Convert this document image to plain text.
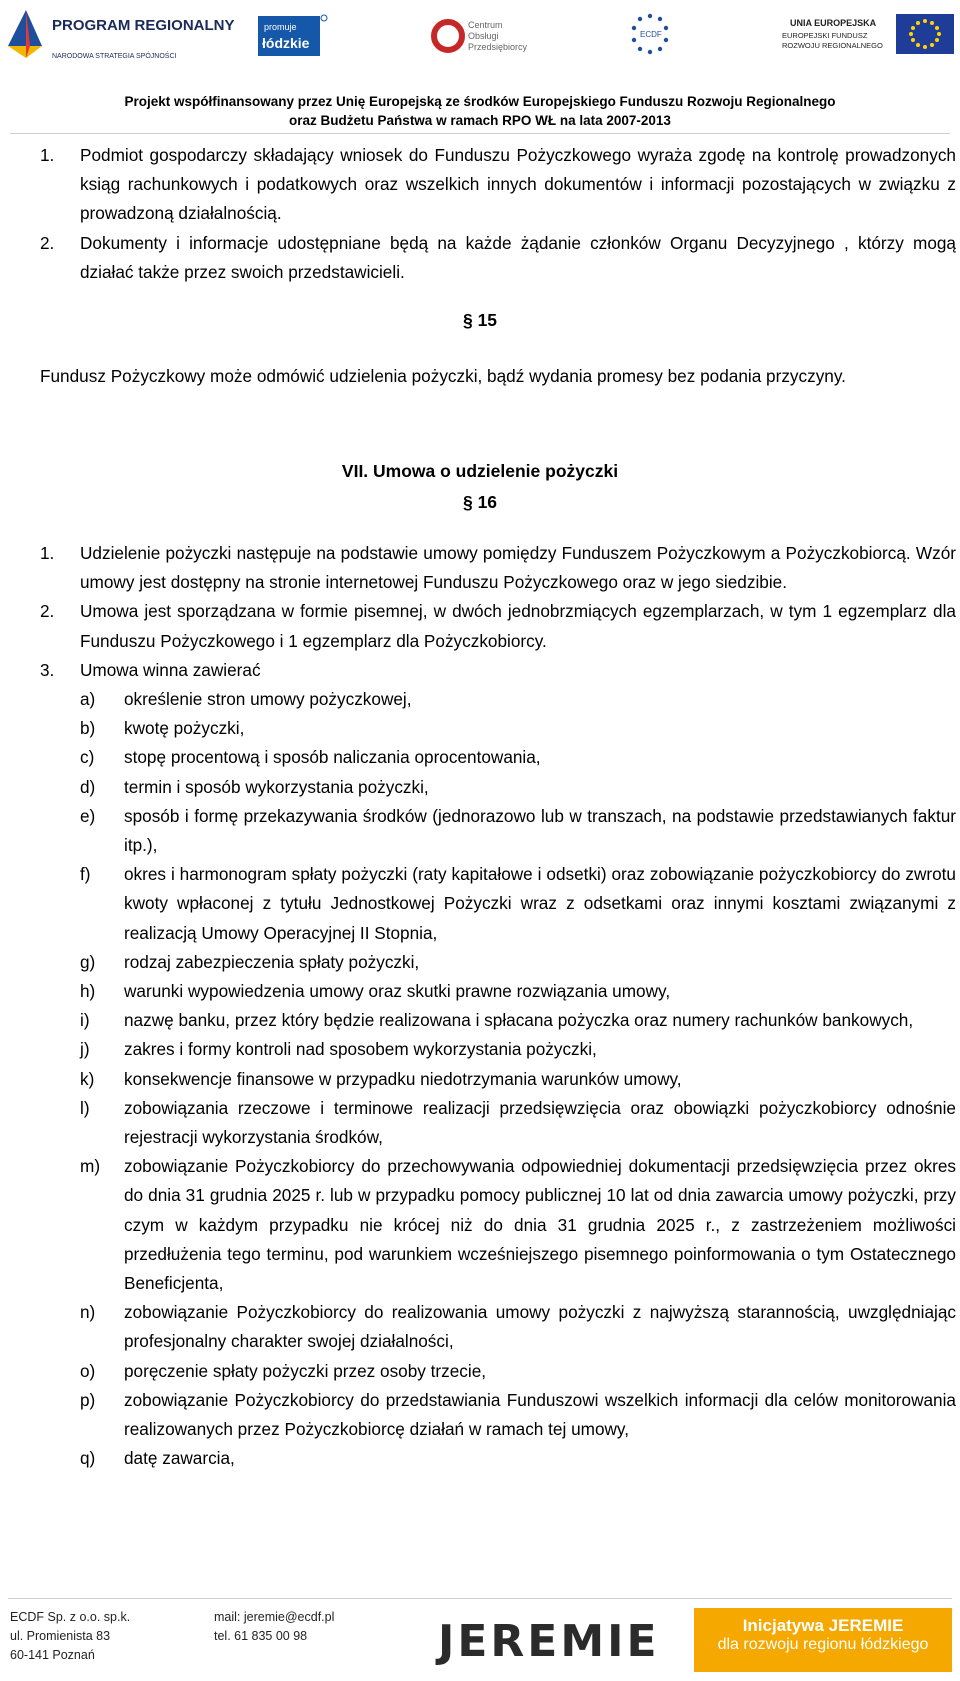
PROGRAM REGIONALNY
NARODOWA STRATEGIA SPÓJNOŚCI
promuje
łódzkie
Centrum
Obsługi
Przedsiębiorcy
ECDF
UNIA EUROPEJSKA
EUROPEJSKI FUNDUSZ
ROZWOJU REGIONALNEGO
Projekt współfinansowany przez Unię Europejską ze środków Europejskiego Funduszu Rozwoju Regionalnego
oraz Budżetu Państwa w ramach RPO WŁ na lata 2007-2013
1. Podmiot gospodarczy składający wniosek do Funduszu Pożyczkowego wyraża zgodę na kontrolę prowadzonych ksiąg rachunkowych i podatkowych oraz wszelkich innych dokumentów i informacji pozostających w związku z prowadzoną działalnością.
2. Dokumenty i informacje udostępniane będą na każde żądanie członków Organu Decyzyjnego , którzy mogą działać także przez swoich przedstawicieli.
§ 15
Fundusz Pożyczkowy może odmówić udzielenia pożyczki, bądź wydania promesy bez podania przyczyny.
VII. Umowa o udzielenie pożyczki
§ 16
1. Udzielenie pożyczki następuje na podstawie umowy pomiędzy Funduszem Pożyczkowym a Pożyczkobiorcą. Wzór umowy jest dostępny na stronie internetowej Funduszu Pożyczkowego oraz w jego siedzibie.
2. Umowa jest sporządzana w formie pisemnej, w dwóch jednobrzmiących egzemplarzach, w tym 1 egzemplarz dla Funduszu Pożyczkowego i 1 egzemplarz dla Pożyczkobiorcy.
3. Umowa winna zawierać
a) określenie stron umowy pożyczkowej,
b) kwotę pożyczki,
c) stopę procentową i sposób naliczania oprocentowania,
d) termin i sposób wykorzystania pożyczki,
e) sposób i formę przekazywania środków (jednorazowo lub w transzach, na podstawie przedstawianych faktur itp.),
f) okres i harmonogram spłaty pożyczki (raty kapitałowe i odsetki) oraz zobowiązanie pożyczkobiorcy do zwrotu kwoty wpłaconej z tytułu Jednostkowej Pożyczki wraz z odsetkami oraz innymi kosztami związanymi z realizacją Umowy Operacyjnej II Stopnia,
g) rodzaj zabezpieczenia spłaty pożyczki,
h) warunki wypowiedzenia umowy oraz skutki prawne rozwiązania umowy,
i) nazwę banku, przez który będzie realizowana i spłacana pożyczka oraz numery rachunków bankowych,
j) zakres i formy kontroli nad sposobem wykorzystania pożyczki,
k) konsekwencje finansowe w przypadku niedotrzymania warunków umowy,
l) zobowiązania rzeczowe i terminowe realizacji przedsięwzięcia oraz obowiązki pożyczkobiorcy odnośnie rejestracji wykorzystania środków,
m) zobowiązanie Pożyczkobiorcy do przechowywania odpowiedniej dokumentacji przedsięwzięcia przez okres do dnia 31 grudnia 2025 r. lub w przypadku pomocy publicznej 10 lat od dnia zawarcia umowy pożyczki, przy czym w każdym przypadku nie krócej niż do dnia 31 grudnia 2025 r., z zastrzeżeniem możliwości przedłużenia tego terminu, pod warunkiem wcześniejszego pisemnego poinformowania o tym Ostatecznego Beneficjenta,
n) zobowiązanie Pożyczkobiorcy do realizowania umowy pożyczki z najwyższą starannością, uwzględniając profesjonalny charakter swojej działalności,
o) poręczenie spłaty pożyczki przez osoby trzecie,
p) zobowiązanie Pożyczkobiorcy do przedstawiania Funduszowi wszelkich informacji dla celów monitorowania realizowanych przez Pożyczkobiorcę działań w ramach tej umowy,
q) datę zawarcia,
ECDF Sp. z o.o. sp.k.
ul. Promienista 83
60-141 Poznań
mail: jeremie@ecdf.pl
tel. 61 835 00 98	JEREMIE	Inicjatywa JEREMIE
dla rozwoju regionu łódzkiego
